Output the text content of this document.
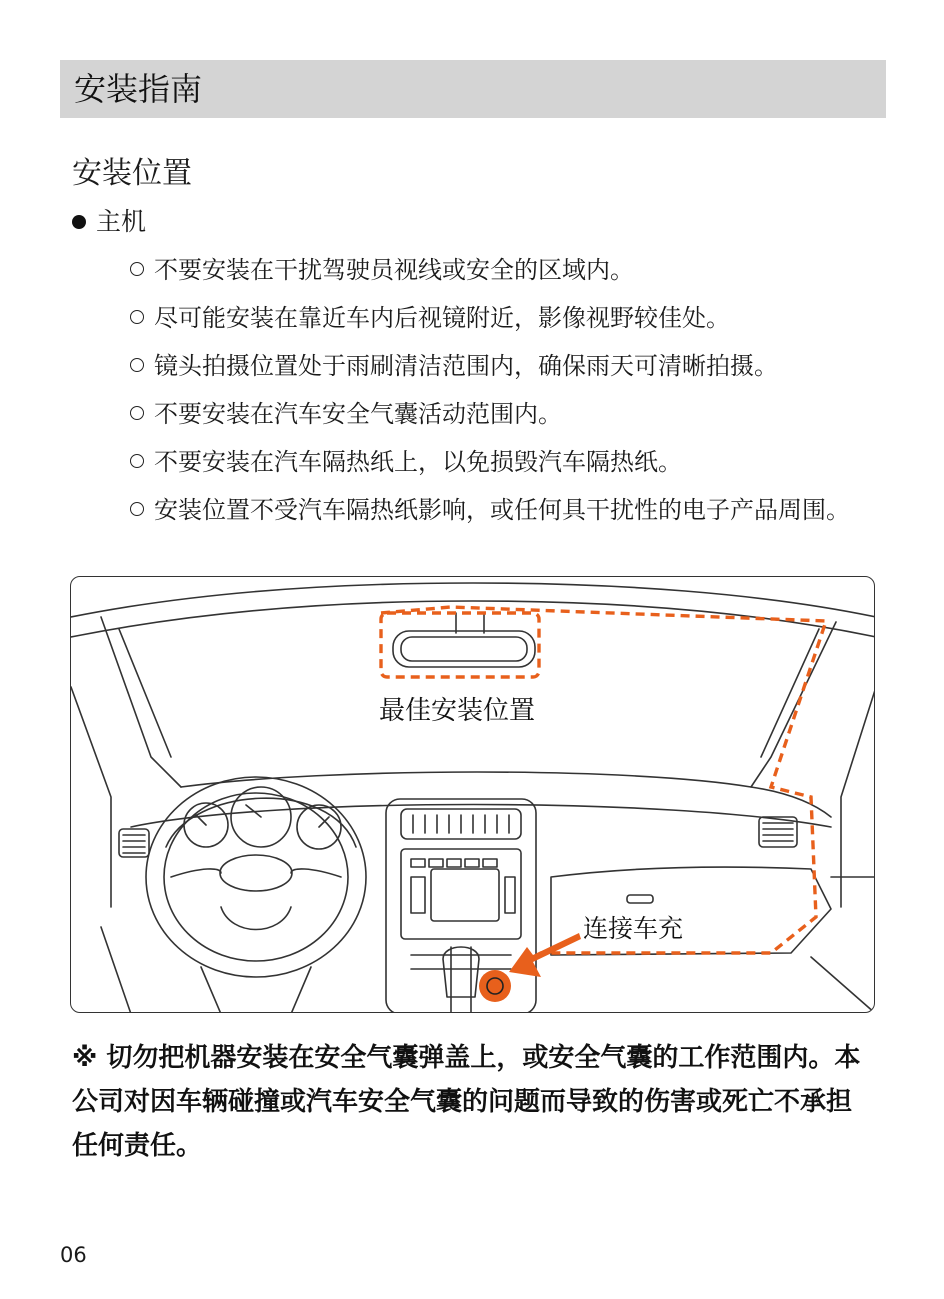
安装指南
安装位置
主机
不要安装在干扰驾驶员视线或安全的区域内。
尽可能安装在靠近车内后视镜附近，影像视野较佳处。
镜头拍摄位置处于雨刷清洁范围内，确保雨天可清晰拍摄。
不要安装在汽车安全气囊活动范围内。
不要安装在汽车隔热纸上，以免损毁汽车隔热纸。
安装位置不受汽车隔热纸影响，或任何具干扰性的电子产品周围。
最佳安装位置
连接车充
※ 切勿把机器安装在安全气囊弹盖上，或安全气囊的工作范围内。本公司对因车辆碰撞或汽车安全气囊的问题而导致的伤害或死亡不承担任何责任。
06
